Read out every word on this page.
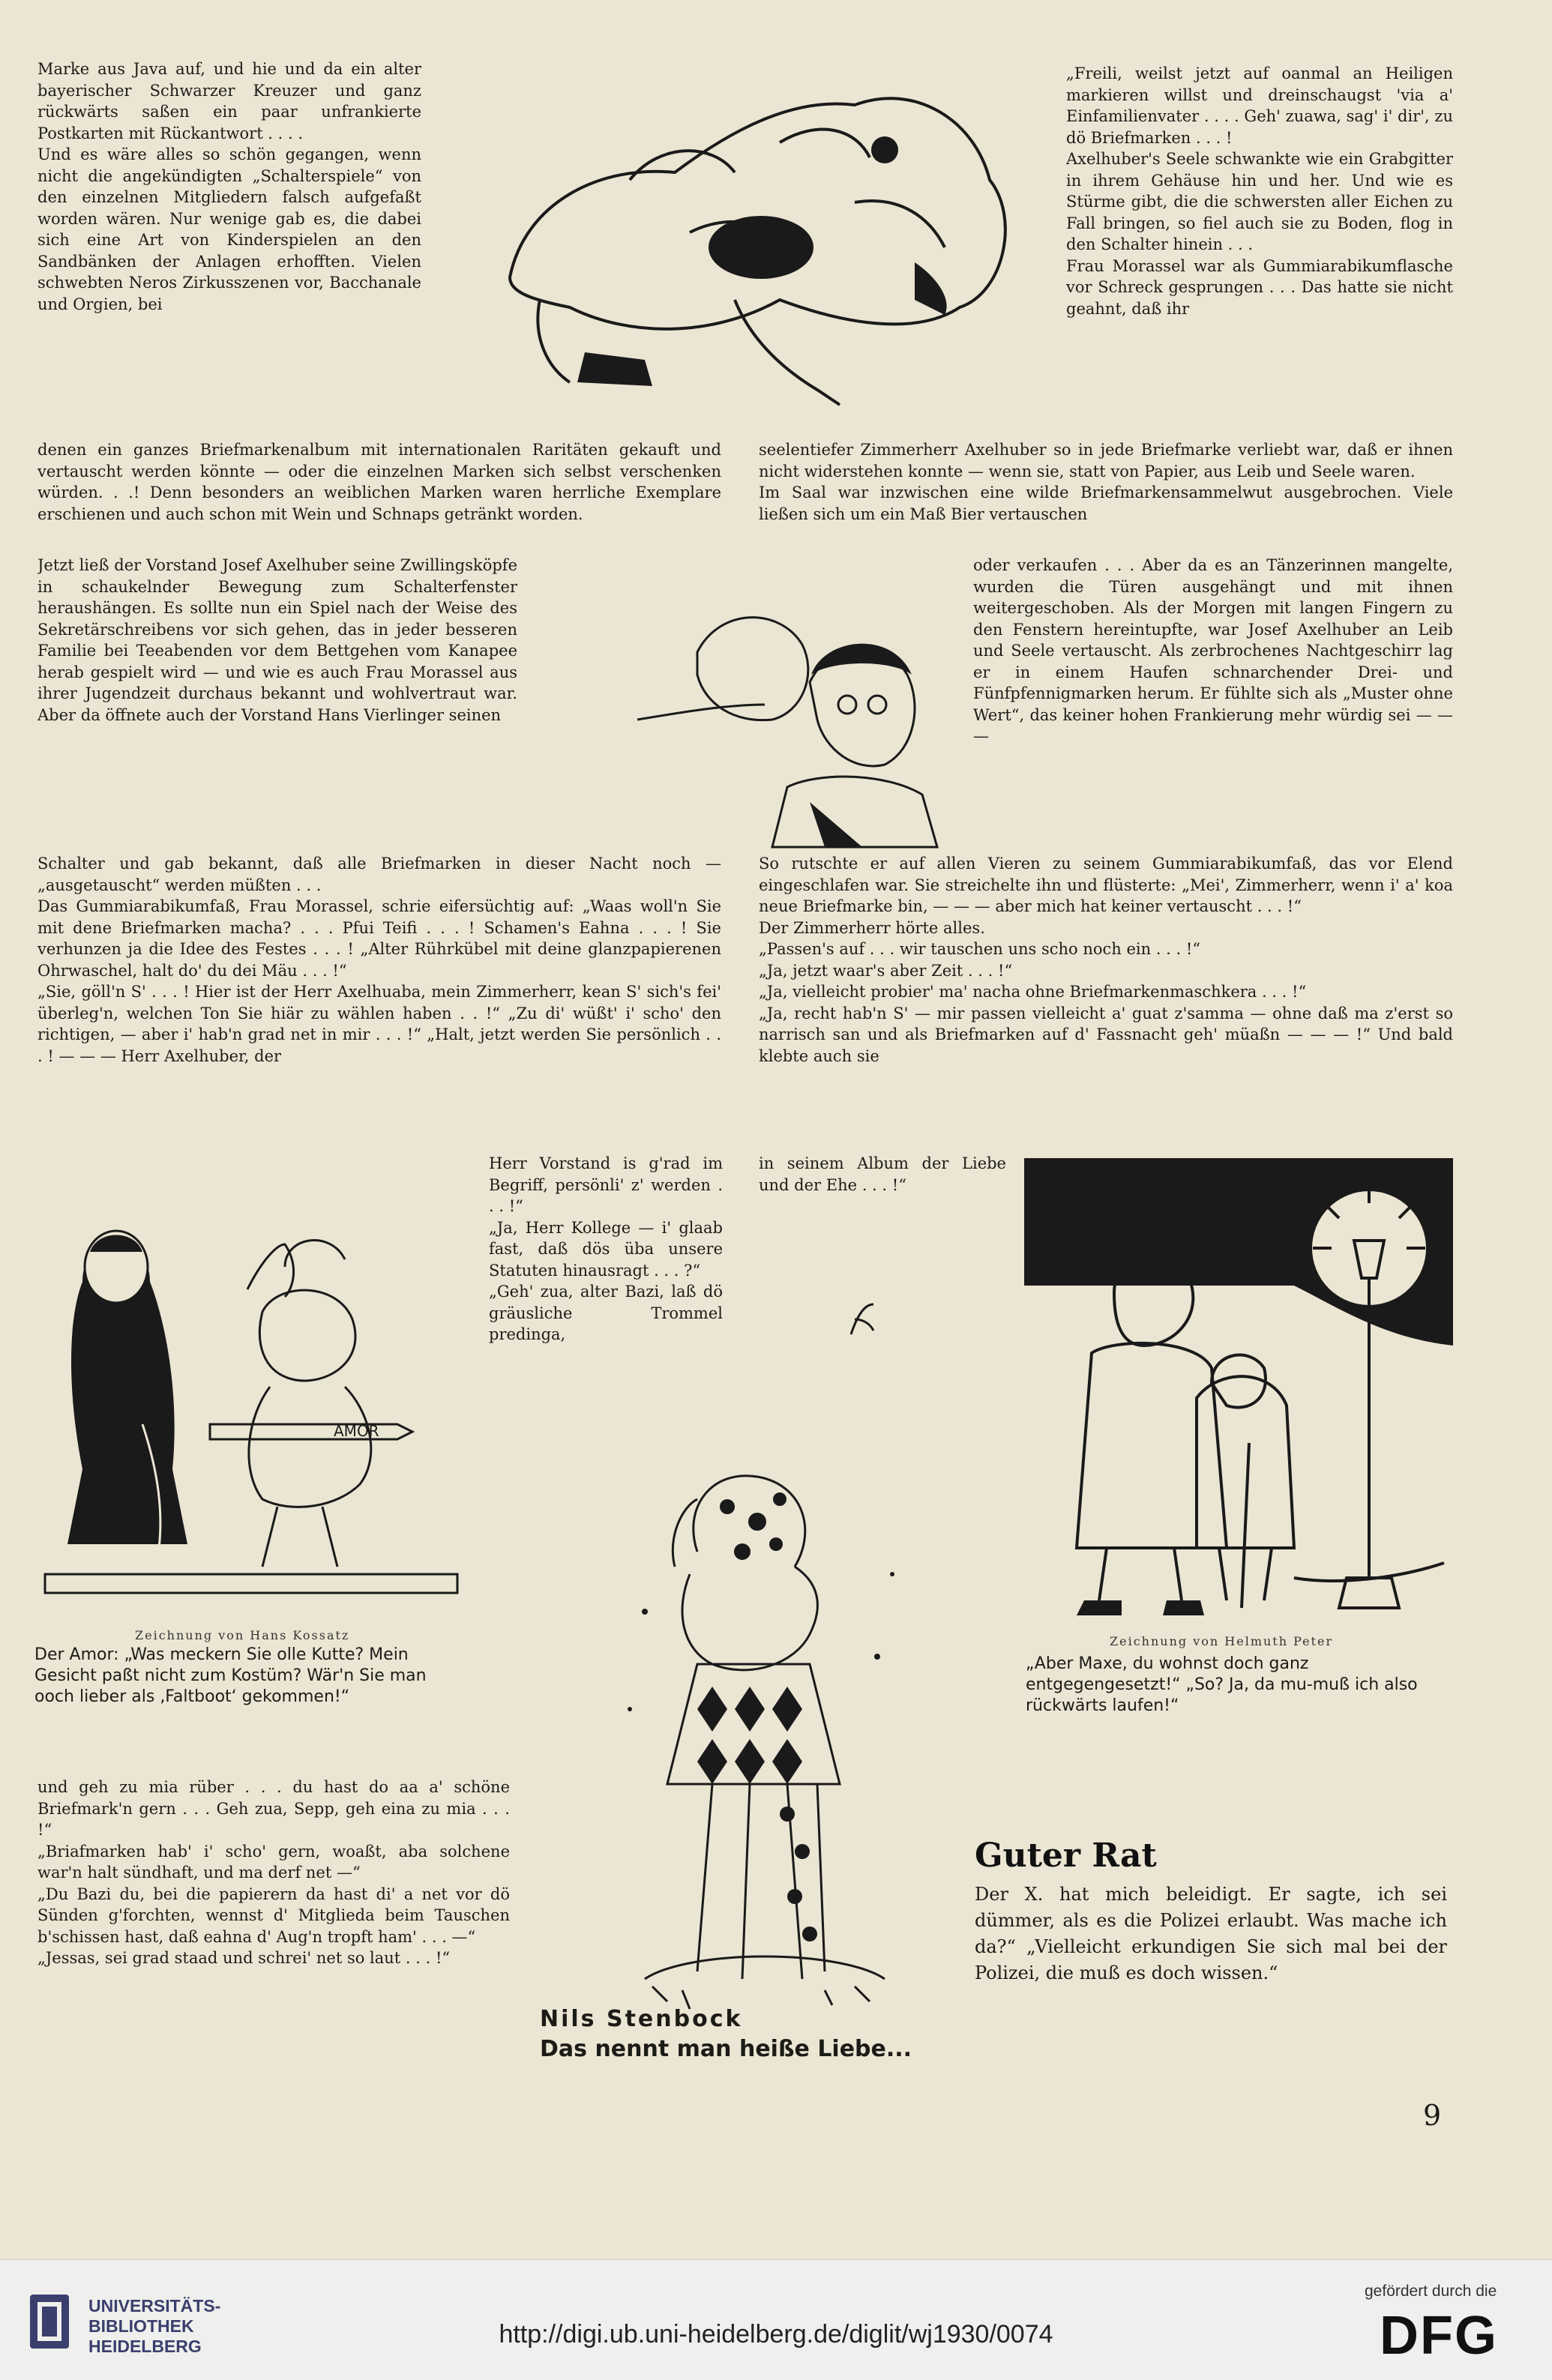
Marke aus Java auf, und hie und da ein alter bayerischer Schwarzer Kreuzer und ganz rückwärts saßen ein paar unfrankierte Postkarten mit Rückantwort . . . .

Und es wäre alles so schön gegangen, wenn nicht die angekündigten „Schalterspiele“ von den einzelnen Mitgliedern falsch aufgefaßt worden wären. Nur wenige gab es, die dabei sich eine Art von Kinderspielen an den Sandbänken der Anlagen erhofften. Vielen schwebten Neros Zirkusszenen vor, Bacchanale und Orgien, bei

„Freili, weilst jetzt auf oanmal an Heiligen markieren willst und dreinschaugst 'via a' Einfamilienvater . . . . Geh' zuawa, sag' i' dir', zu dö Briefmarken . . . !

Axelhuber's Seele schwankte wie ein Grabgitter in ihrem Gehäuse hin und her. Und wie es Stürme gibt, die die schwersten aller Eichen zu Fall bringen, so fiel auch sie zu Boden, flog in den Schalter hinein . . .

Frau Morassel war als Gummiarabikumflasche vor Schreck gesprungen . . . Das hatte sie nicht geahnt, daß ihr

denen ein ganzes Briefmarkenalbum mit internationalen Raritäten gekauft und vertauscht werden könnte — oder die einzelnen Marken sich selbst verschenken würden. . .! Denn besonders an weiblichen Marken waren herrliche Exemplare erschienen und auch schon mit Wein und Schnaps getränkt worden.

seelentiefer Zimmerherr Axelhuber so in jede Briefmarke verliebt war, daß er ihnen nicht widerstehen konnte — wenn sie, statt von Papier, aus Leib und Seele waren.

Im Saal war inzwischen eine wilde Briefmarkensammelwut ausgebrochen. Viele ließen sich um ein Maß Bier vertauschen

Jetzt ließ der Vorstand Josef Axelhuber seine Zwillingsköpfe in schaukelnder Bewegung zum Schalterfenster heraushängen. Es sollte nun ein Spiel nach der Weise des Sekretärschreibens vor sich gehen, das in jeder besseren Familie bei Teeabenden vor dem Bettgehen vom Kanapee herab gespielt wird — und wie es auch Frau Morassel aus ihrer Jugendzeit durchaus bekannt und wohlvertraut war. Aber da öffnete auch der Vorstand Hans Vierlinger seinen

oder verkaufen . . . Aber da es an Tänzerinnen mangelte, wurden die Türen ausgehängt und mit ihnen weitergeschoben. Als der Morgen mit langen Fingern zu den Fenstern hereintupfte, war Josef Axelhuber an Leib und Seele vertauscht. Als zerbrochenes Nachtgeschirr lag er in einem Haufen schnarchender Drei- und Fünfpfennigmarken herum. Er fühlte sich als „Muster ohne Wert“, das keiner hohen Frankierung mehr würdig sei — — —

Schalter und gab bekannt, daß alle Briefmarken in dieser Nacht noch — „ausgetauscht“ werden müßten . . .

Das Gummiarabikumfaß, Frau Morassel, schrie eifersüchtig auf: „Waas woll'n Sie mit dene Briefmarken macha? . . . Pfui Teifi . . . ! Schamen's Eahna . . . ! Sie verhunzen ja die Idee des Festes . . . ! „Alter Rührkübel mit deine glanzpapierenen Ohrwaschel, halt do' du dei Mäu . . . !“

„Sie, göll'n S' . . . ! Hier ist der Herr Axelhuaba, mein Zimmerherr, kean S' sich's fei' überleg'n, welchen Ton Sie hiär zu wählen haben . . !“ „Zu di' wüßt' i' scho' den richtigen, — aber i' hab'n grad net in mir . . . !“ „Halt, jetzt werden Sie persönlich . . . ! — — — Herr Axelhuber, der

So rutschte er auf allen Vieren zu seinem Gummiarabikumfaß, das vor Elend eingeschlafen war. Sie streichelte ihn und flüsterte: „Mei', Zimmerherr, wenn i' a' koa neue Briefmarke bin, — — — aber mich hat keiner vertauscht . . . !“

Der Zimmerherr hörte alles.

„Passen's auf . . . wir tauschen uns scho noch ein . . . !“

„Ja, jetzt waar's aber Zeit . . . !“

„Ja, vielleicht probier' ma' nacha ohne Briefmarkenmaschkera . . . !“

„Ja, recht hab'n S' — mir passen vielleicht a' guat z'samma — ohne daß ma z'erst so narrisch san und als Briefmarken auf d' Fassnacht geh' müaßn — — — !“ Und bald klebte auch sie

AMOR

Herr Vorstand is g'rad im Begriff, persönli' z' werden . . . !“

„Ja, Herr Kollege — i' glaab fast, daß dös üba unsere Statuten hinausragt . . . ?“

„Geh' zua, alter Bazi, laß dö gräusliche Trommel predinga,

in seinem Album der Liebe und der Ehe . . . !“

Zeichnung von Hans Kossatz
Der Amor: „Was meckern Sie olle Kutte? Mein Gesicht paßt nicht zum Kostüm? Wär'n Sie man ooch lieber als ‚Faltboot‘ gekommen!“
Nils Stenbock
Das nennt man heiße Liebe...
Zeichnung von Helmuth Peter
„Aber Maxe, du wohnst doch ganz entgegengesetzt!“ „So? Ja, da mu-muß ich also rückwärts laufen!“

und geh zu mia rüber . . . du hast do aa a' schöne Briefmark'n gern . . . Geh zua, Sepp, geh eina zu mia . . . !“

„Briafmarken hab' i' scho' gern, woaßt, aba solchene war'n halt sündhaft, und ma derf net —“

„Du Bazi du, bei die papierern da hast di' a net vor dö Sünden g'forchten, wennst d' Mitglieda beim Tauschen b'schissen hast, daß eahna d' Aug'n tropft ham' . . . —“

„Jessas, sei grad staad und schrei' net so laut . . . !“

Guter Rat

Der X. hat mich beleidigt. Er sagte, ich sei dümmer, als es die Polizei erlaubt. Was mache ich da?“ „Vielleicht erkundigen Sie sich mal bei der Polizei, die muß es doch wissen.“

9
UNIVERSITÄTS-
BIBLIOTHEK
HEIDELBERG	http://digi.ub.uni-heidelberg.de/diglit/wj1930/0074
gefördert durch die
DFG
